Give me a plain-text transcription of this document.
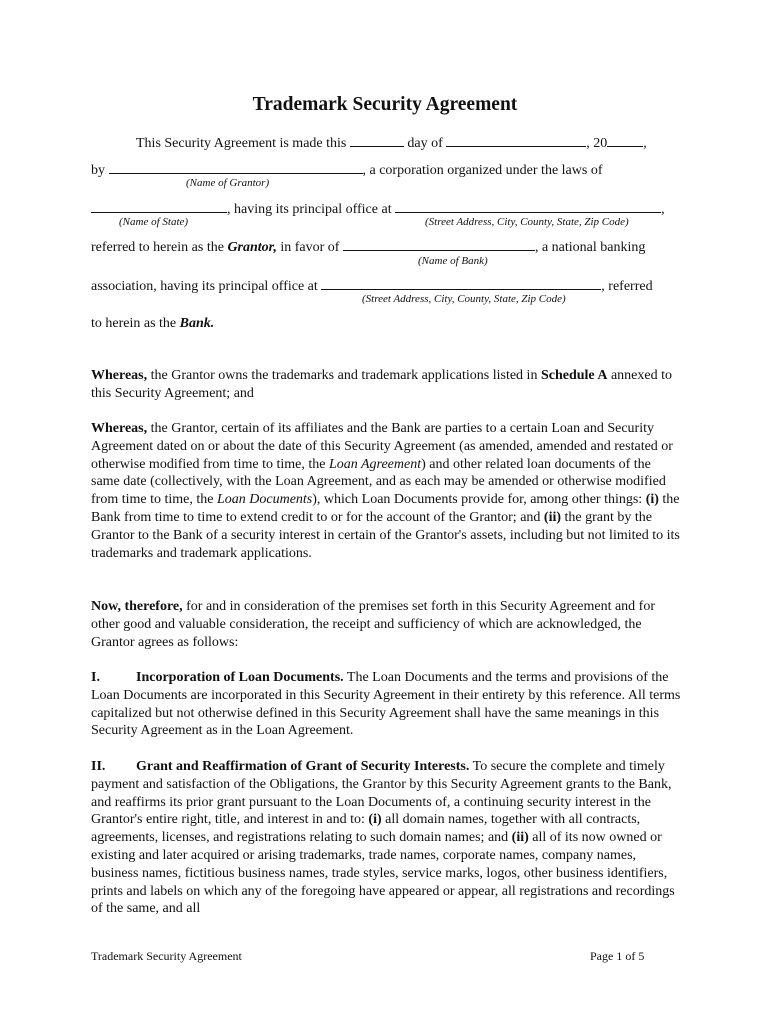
Trademark Security Agreement
This Security Agreement is made this	day of	, 20	,
by	, a corporation organized under the laws of
(Name of Grantor)
, having its principal office at	,
(Name of State)	(Street Address, City, County, State, Zip Code)
referred to herein as the Grantor, in favor of	, a national banking
(Name of Bank)
association, having its principal office at	, referred
(Street Address, City, County, State, Zip Code)
to herein as the Bank.

Whereas, the Grantor owns the trademarks and trademark applications listed in Schedule A annexed to this Security Agreement; and

Whereas, the Grantor, certain of its affiliates and the Bank are parties to a certain Loan and Security Agreement dated on or about the date of this Security Agreement (as amended, amended and restated or otherwise modified from time to time, the Loan Agreement) and other related loan documents of the same date (collectively, with the Loan Agreement, and as each may be amended or otherwise modified from time to time, the Loan Documents), which Loan Documents provide for, among other things: (i) the Bank from time to time to extend credit to or for the account of the Grantor; and (ii) the grant by the Grantor to the Bank of a security interest in certain of the Grantor's assets, including but not limited to its trademarks and trademark applications.

Now, therefore, for and in consideration of the premises set forth in this Security Agreement and for other good and valuable consideration, the receipt and sufficiency of which are acknowledged, the Grantor agrees as follows:

I.	Incorporation of Loan Documents. The Loan Documents and the terms and provisions of the Loan Documents are incorporated in this Security Agreement in their entirety by this reference. All terms capitalized but not otherwise defined in this Security Agreement shall have the same meanings in this Security Agreement as in the Loan Agreement.

II. Grant and Reaffirmation of Grant of Security Interests. To secure the complete and timely payment and satisfaction of the Obligations, the Grantor by this Security Agreement grants to the Bank, and reaffirms its prior grant pursuant to the Loan Documents of, a continuing security interest in the Grantor's entire right, title, and interest in and to: (i) all domain names, together with all contracts, agreements, licenses, and registrations relating to such domain names; and (ii) all of its now owned or existing and later acquired or arising trademarks, trade names, corporate names, company names, business names, fictitious business names, trade styles, service marks, logos, other business identifiers, prints and labels on which any of the foregoing have appeared or appear, all registrations and recordings of the same, and all

Trademark Security Agreement	Page 1 of 5
